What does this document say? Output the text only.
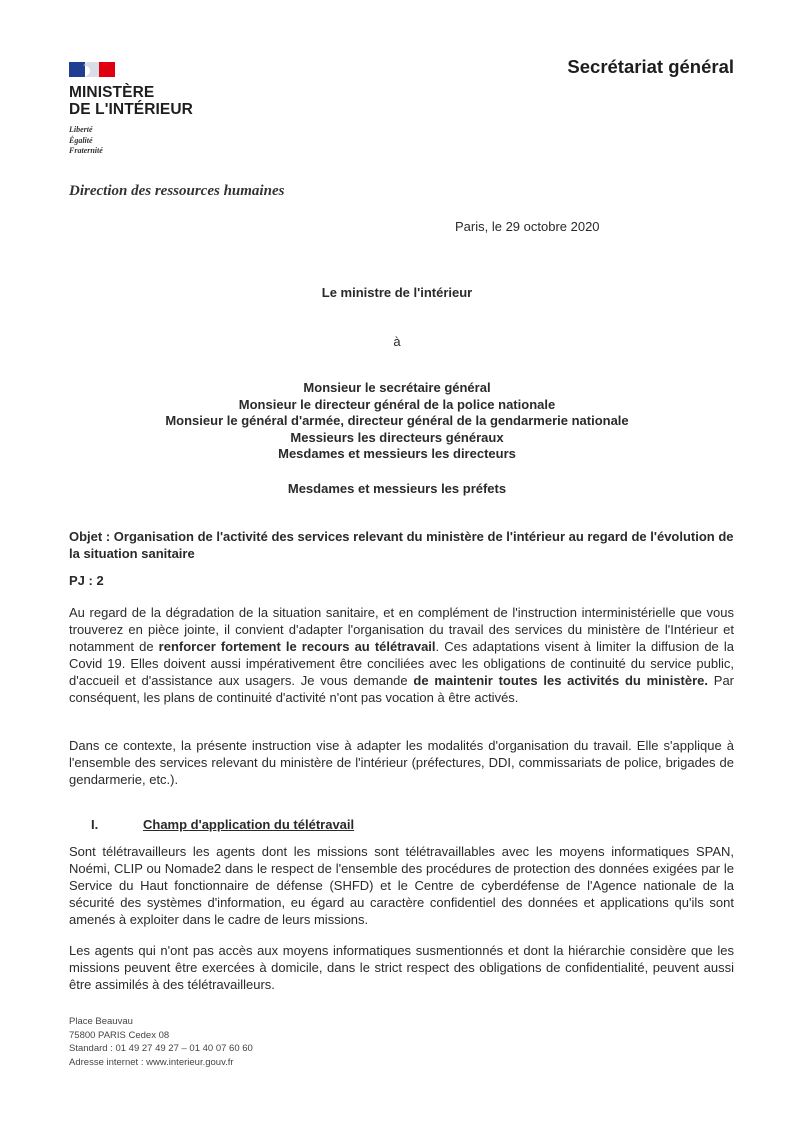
MINISTÈRE
DE L'INTÉRIEUR
Liberté
Égalité
Fraternité
Secrétariat général
Direction des ressources humaines
Paris, le 29 octobre 2020
Le ministre de l'intérieur
à
Monsieur le secrétaire général
Monsieur le directeur général de la police nationale
Monsieur le général d'armée, directeur général de la gendarmerie nationale
Messieurs les directeurs généraux
Mesdames et messieurs les directeurs
Mesdames et messieurs les préfets
Objet : Organisation de l'activité des services relevant du ministère de l'intérieur au regard de l'évolution de la situation sanitaire
PJ : 2
Au regard de la dégradation de la situation sanitaire, et en complément de l'instruction interministérielle que vous trouverez en pièce jointe, il convient d'adapter l'organisation du travail des services du ministère de l'Intérieur et notamment de renforcer fortement le recours au télétravail. Ces adaptations visent à limiter la diffusion de la Covid 19. Elles doivent aussi impérativement être conciliées avec les obligations de continuité du service public, d'accueil et d'assistance aux usagers. Je vous demande de maintenir toutes les activités du ministère. Par conséquent, les plans de continuité d'activité n'ont pas vocation à être activés.
Dans ce contexte, la présente instruction vise à adapter les modalités d'organisation du travail. Elle s'applique à l'ensemble des services relevant du ministère de l'intérieur (préfectures, DDI, commissariats de police, brigades de gendarmerie, etc.).
I.	Champ d'application du télétravail
Sont télétravailleurs les agents dont les missions sont télétravaillables avec les moyens informatiques SPAN, Noémi, CLIP ou Nomade2 dans le respect de l'ensemble des procédures de protection des données exigées par le Service du Haut fonctionnaire de défense (SHFD) et le Centre de cyberdéfense de l'Agence nationale de la sécurité des systèmes d'information, eu égard au caractère confidentiel des données et applications qu'ils sont amenés à exploiter dans le cadre de leurs missions.
Les agents qui n'ont pas accès aux moyens informatiques susmentionnés et dont la hiérarchie considère que les missions peuvent être exercées à domicile, dans le strict respect des obligations de confidentialité, peuvent aussi être assimilés à des télétravailleurs.
Place Beauvau
75800 PARIS Cedex 08
Standard : 01 49 27 49 27 – 01 40 07 60 60
Adresse internet : www.interieur.gouv.fr
